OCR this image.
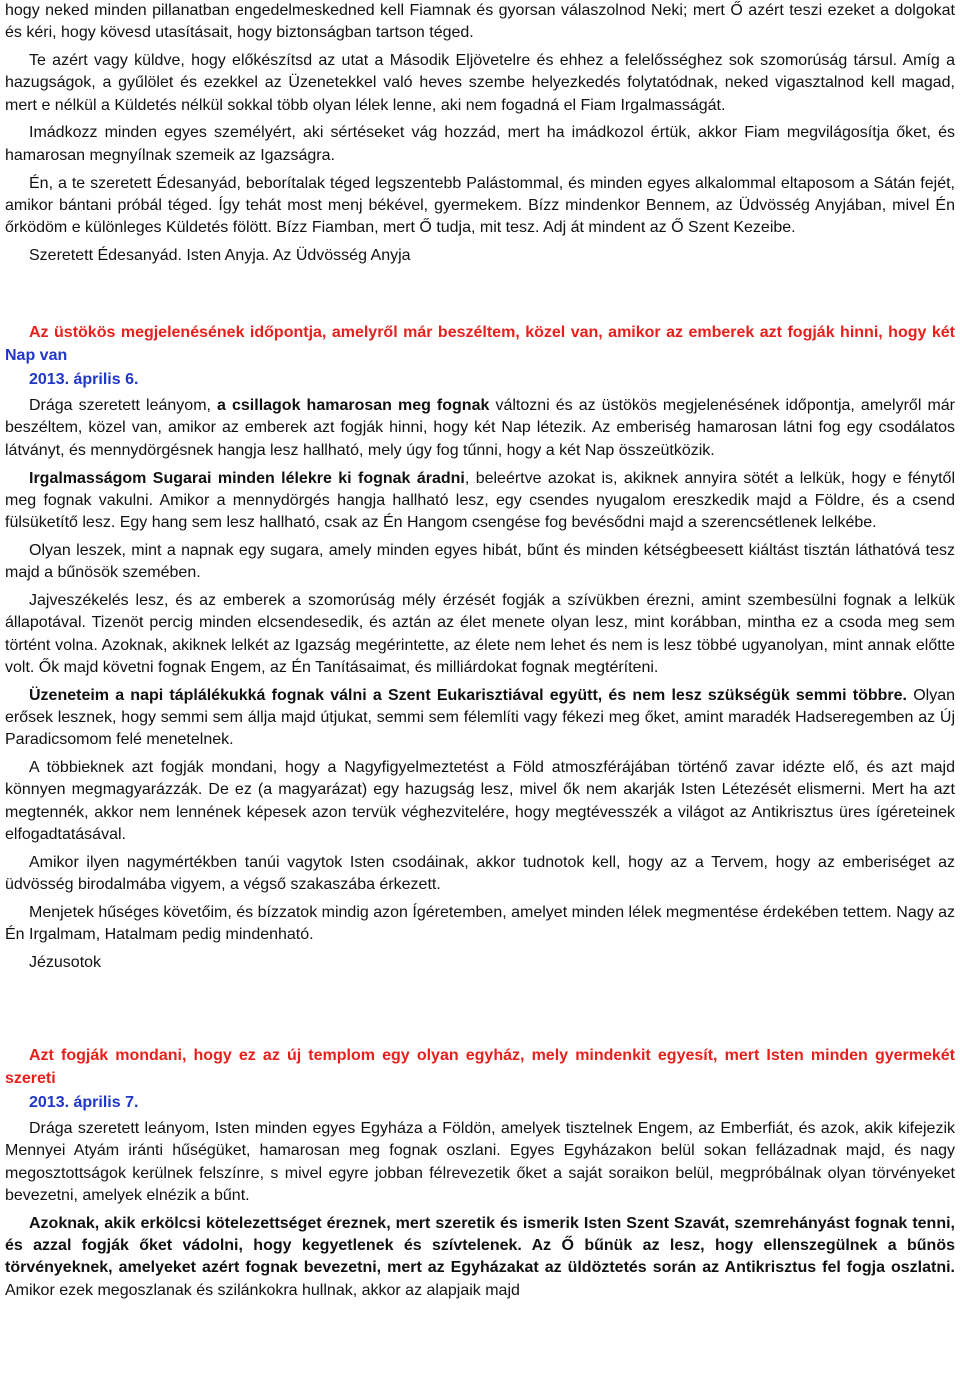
hogy neked minden pillanatban engedelmeskedned kell Fiamnak és gyorsan válaszolnod Neki; mert Ő azért teszi ezeket a dolgokat és kéri, hogy kövesd utasításait, hogy biztonságban tartson téged.

Te azért vagy küldve, hogy előkészítsd az utat a Második Eljövetelre és ehhez a felelősséghez sok szomorúság társul. Amíg a hazugságok, a gyűlölet és ezekkel az Üzenetekkel való heves szembe helyezkedés folytatódnak, neked vigasztalnod kell magad, mert e nélkül a Küldetés nélkül sokkal több olyan lélek lenne, aki nem fogadná el Fiam Irgalmasságát.

Imádkozz minden egyes személyért, aki sértéseket vág hozzád, mert ha imádkozol értük, akkor Fiam megvilágosítja őket, és hamarosan megnyílnak szemeik az Igazságra.

Én, a te szeretett Édesanyád, beborítalak téged legszentebb Palástommal, és minden egyes alkalommal eltaposom a Sátán fejét, amikor bántani próbál téged. Így tehát most menj békével, gyermekem. Bízz mindenkor Bennem, az Üdvösség Anyjában, mivel Én őrködöm e különleges Küldetés fölött. Bízz Fiamban, mert Ő tudja, mit tesz. Adj át mindent az Ő Szent Kezeibe.

Szeretett Édesanyád. Isten Anyja. Az Üdvösség Anyja

Az üstökös megjelenésének időpontja, amelyről már beszéltem, közel van, amikor az emberek azt fogják hinni, hogy két Nap van

2013. április 6.

Drága szeretett leányom, a csillagok hamarosan meg fognak változni és az üstökös megjelenésének időpontja, amelyről már beszéltem, közel van, amikor az emberek azt fogják hinni, hogy két Nap létezik. Az emberiség hamarosan látni fog egy csodálatos látványt, és mennydörgésnek hangja lesz hallható, mely úgy fog tűnni, hogy a két Nap összeütközik.

Irgalmasságom Sugarai minden lélekre ki fognak áradni, beleértve azokat is, akiknek annyira sötét a lelkük, hogy e fénytől meg fognak vakulni. Amikor a mennydörgés hangja hallható lesz, egy csendes nyugalom ereszkedik majd a Földre, és a csend fülsüketítő lesz. Egy hang sem lesz hallható, csak az Én Hangom csengése fog bevésődni majd a szerencsétlenek lelkébe.

Olyan leszek, mint a napnak egy sugara, amely minden egyes hibát, bűnt és minden kétségbeesett kiáltást tisztán láthatóvá tesz majd a bűnösök szemében.

Jajveszékelés lesz, és az emberek a szomorúság mély érzését fogják a szívükben érezni, amint szembesülni fognak a lelkük állapotával. Tizenöt percig minden elcsendesedik, és aztán az élet menete olyan lesz, mint korábban, mintha ez a csoda meg sem történt volna. Azoknak, akiknek lelkét az Igazság megérintette, az élete nem lehet és nem is lesz többé ugyanolyan, mint annak előtte volt. Ők majd követni fognak Engem, az Én Tanításaimat, és milliárdokat fognak megtéríteni.

Üzeneteim a napi táplálékukká fognak válni a Szent Eukarisztiával együtt, és nem lesz szükségük semmi többre. Olyan erősek lesznek, hogy semmi sem állja majd útjukat, semmi sem félemlíti vagy fékezi meg őket, amint maradék Hadseregemben az Új Paradicsomom felé menetelnek.

A többieknek azt fogják mondani, hogy a Nagyfigyelmeztetést a Föld atmoszférájában történő zavar idézte elő, és azt majd könnyen megmagyarázzák. De ez (a magyarázat) egy hazugság lesz, mivel ők nem akarják Isten Létezését elismerni. Mert ha azt megtennék, akkor nem lennének képesek azon tervük véghezvitelére, hogy megtévesszék a világot az Antikrisztus üres ígéreteinek elfogadtatásával.

Amikor ilyen nagymértékben tanúi vagytok Isten csodáinak, akkor tudnotok kell, hogy az a Tervem, hogy az emberiséget az üdvösség birodalmába vigyem, a végső szakaszába érkezett.

Menjetek hűséges követőim, és bízzatok mindig azon Ígéretemben, amelyet minden lélek megmentése érdekében tettem. Nagy az Én Irgalmam, Hatalmam pedig mindenható.

Jézusotok

Azt fogják mondani, hogy ez az új templom egy olyan egyház, mely mindenkit egyesít, mert Isten minden gyermekét szereti

2013. április 7.

Drága szeretett leányom, Isten minden egyes Egyháza a Földön, amelyek tisztelnek Engem, az Emberfiát, és azok, akik kifejezik Mennyei Atyám iránti hűségüket, hamarosan meg fognak oszlani. Egyes Egyházakon belül sokan fellázadnak majd, és nagy megosztottságok kerülnek felszínre, s mivel egyre jobban félrevezetik őket a saját soraikon belül, megpróbálnak olyan törvényeket bevezetni, amelyek elnézik a bűnt.

Azoknak, akik erkölcsi kötelezettséget éreznek, mert szeretik és ismerik Isten Szent Szavát, szemrehányást fognak tenni, és azzal fogják őket vádolni, hogy kegyetlenek és szívtelenek. Az Ő bűnük az lesz, hogy ellenszegülnek a bűnös törvényeknek, amelyeket azért fognak bevezetni, mert az Egyházakat az üldöztetés során az Antikrisztus fel fogja oszlatni. Amikor ezek megoszlanak és szilánkokra hullnak, akkor az alapjaik majd
